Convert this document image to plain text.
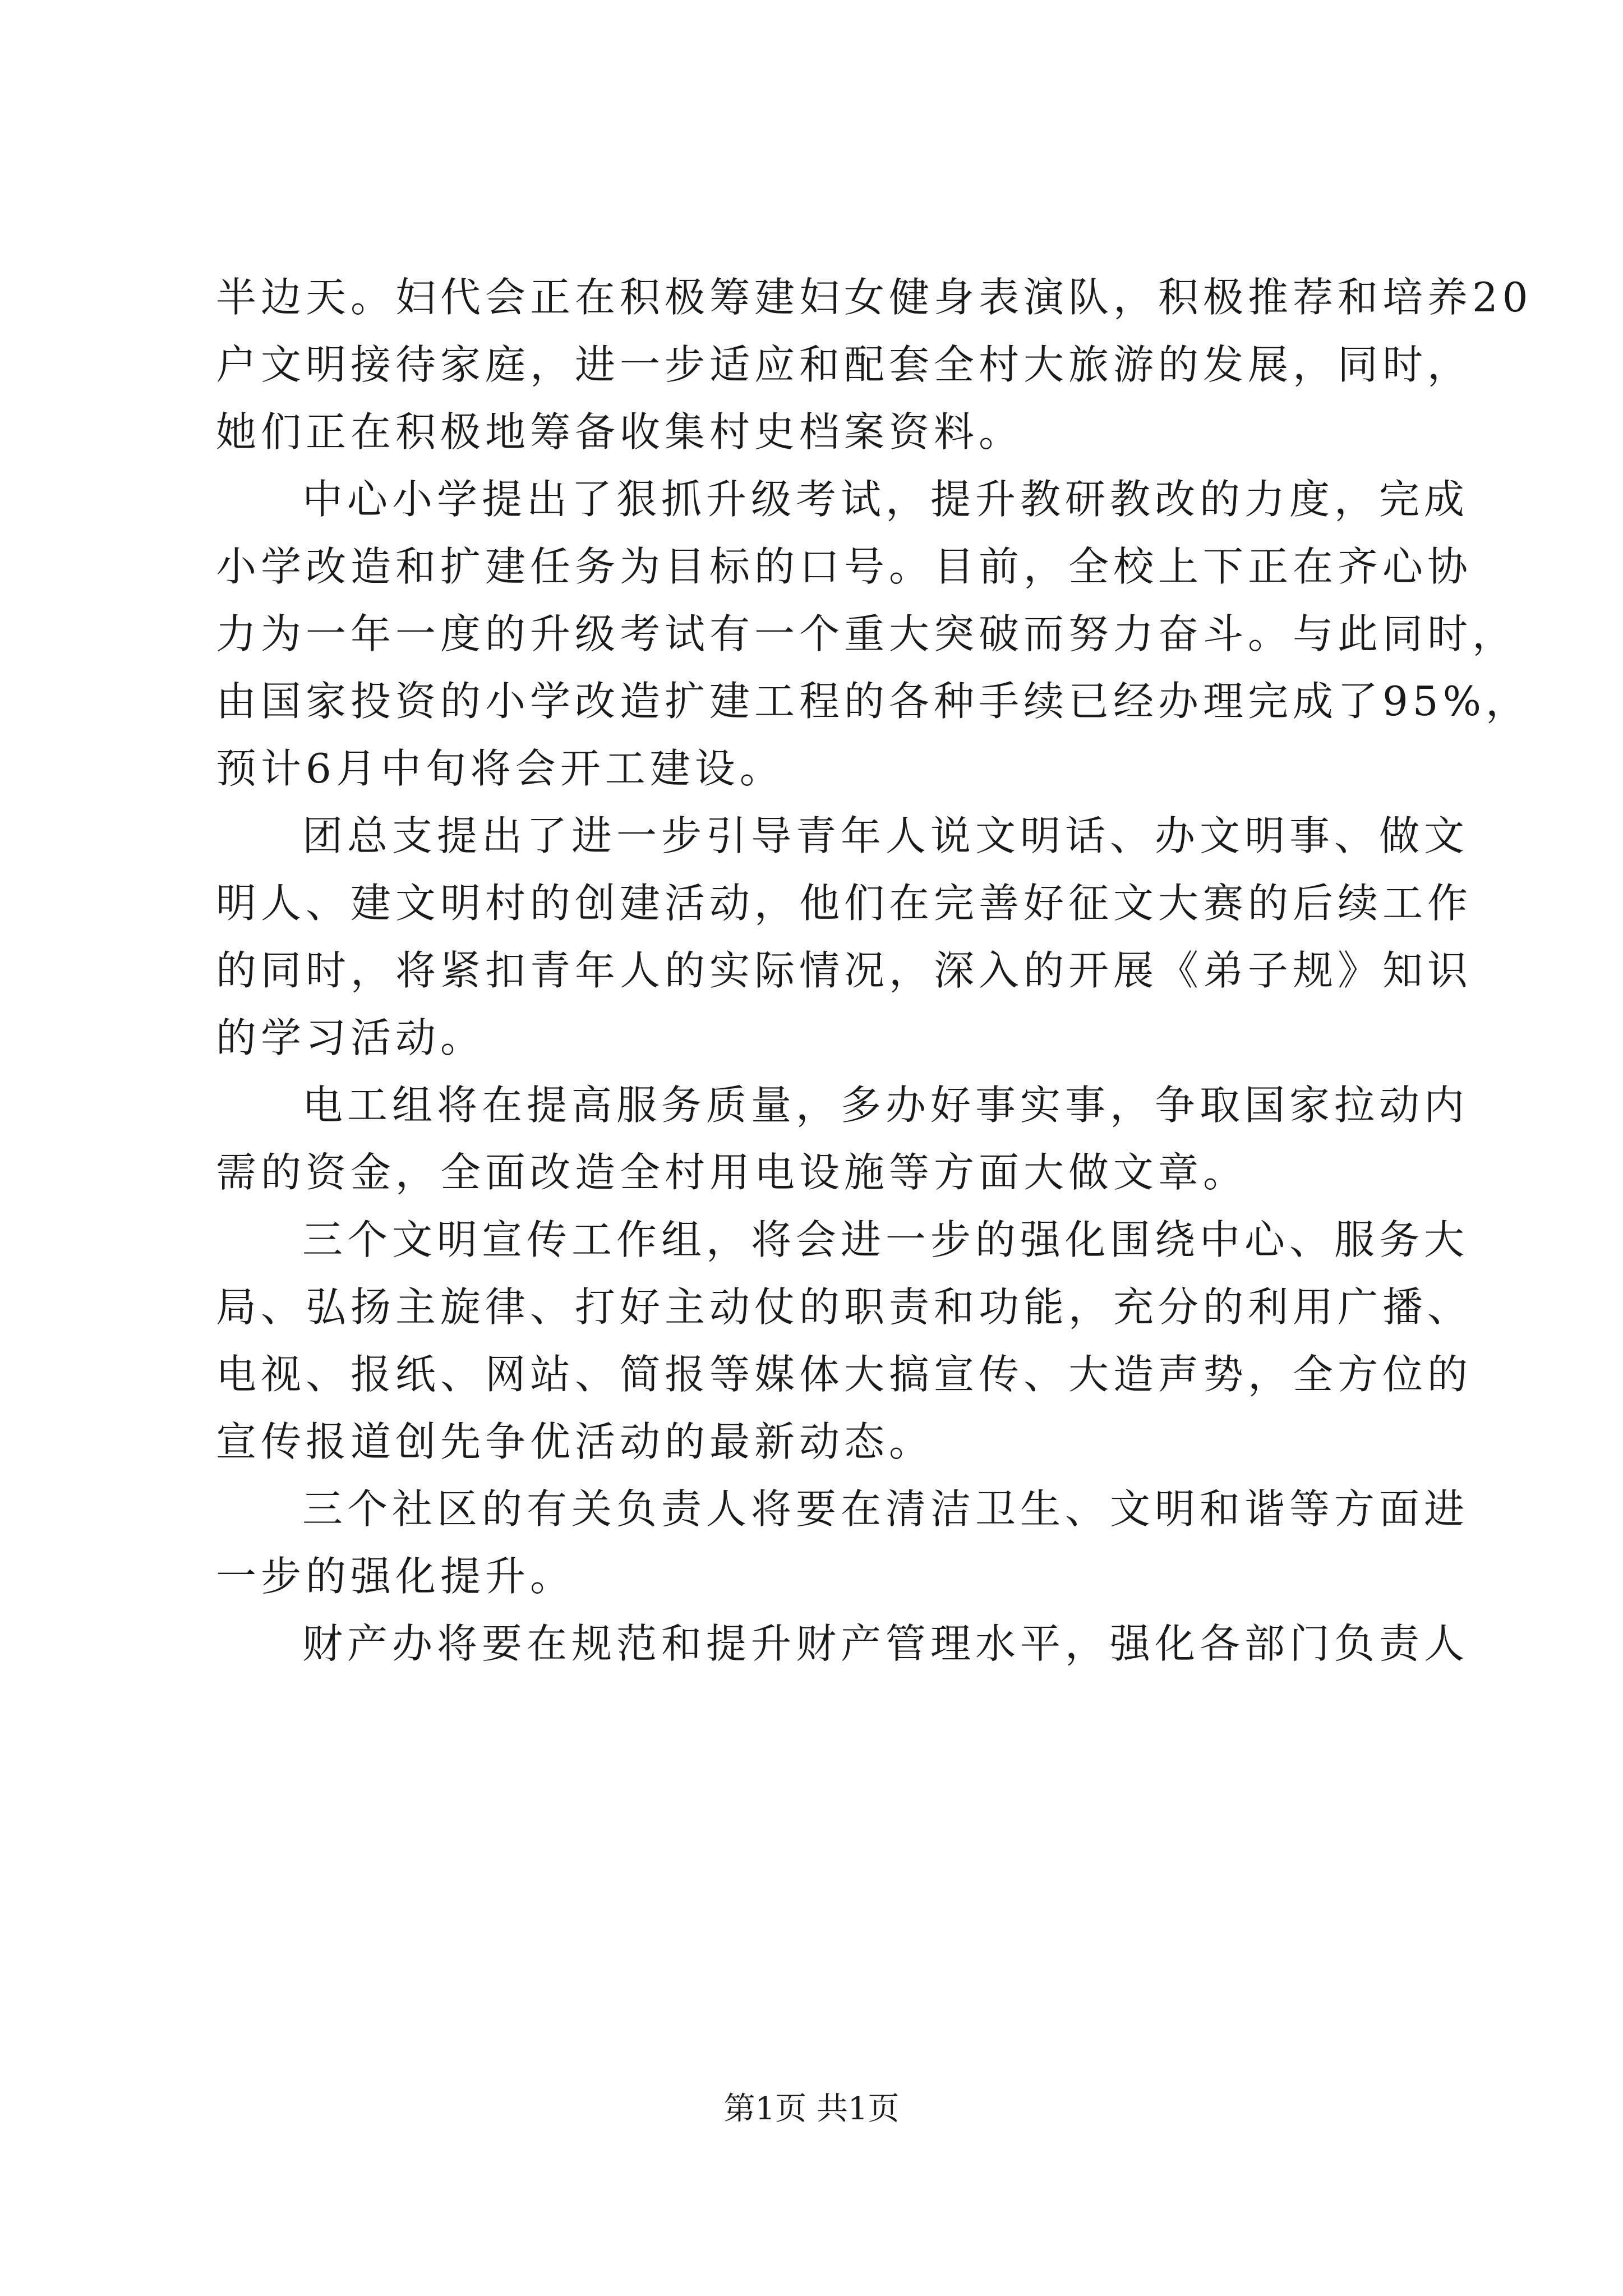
半边天。妇代会正在积极筹建妇女健身表演队，积极推荐和培养20
户文明接待家庭，进一步适应和配套全村大旅游的发展，同时，
她们正在积极地筹备收集村史档案资料。
中心小学提出了狠抓升级考试，提升教研教改的力度，完成
小学改造和扩建任务为目标的口号。目前，全校上下正在齐心协
力为一年一度的升级考试有一个重大突破而努力奋斗。与此同时，
由国家投资的小学改造扩建工程的各种手续已经办理完成了95%，
预计6月中旬将会开工建设。
团总支提出了进一步引导青年人说文明话、办文明事、做文
明人、建文明村的创建活动，他们在完善好征文大赛的后续工作
的同时，将紧扣青年人的实际情况，深入的开展《弟子规》知识
的学习活动。
电工组将在提高服务质量，多办好事实事，争取国家拉动内
需的资金，全面改造全村用电设施等方面大做文章。
三个文明宣传工作组，将会进一步的强化围绕中心、服务大
局、弘扬主旋律、打好主动仗的职责和功能，充分的利用广播、
电视、报纸、网站、简报等媒体大搞宣传、大造声势，全方位的
宣传报道创先争优活动的最新动态。
三个社区的有关负责人将要在清洁卫生、文明和谐等方面进
一步的强化提升。
财产办将要在规范和提升财产管理水平，强化各部门负责人
第1页 共1页
